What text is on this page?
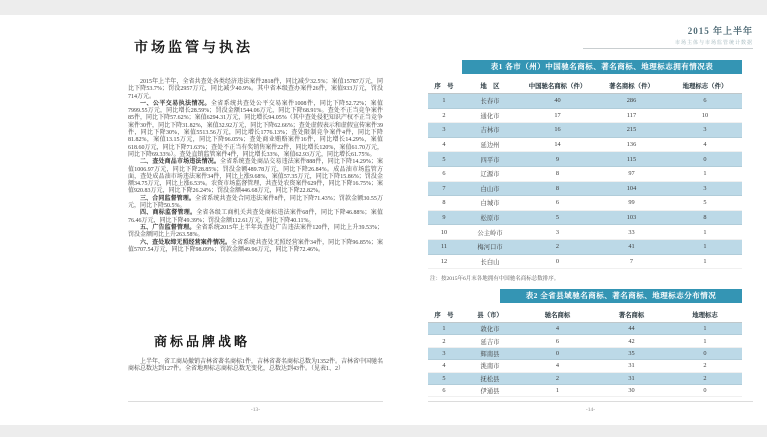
市场监管与执法

2015年上半年，全省共查处各类经济违法案件2818件，同比减少32.5%；案值15787万元，同比下降53.7%；罚没2957万元，同比减少40.9%。其中省本级查办案件26件，案值933万元，罚没714万元。

一、公平交易执法情况。全省系统共查处公平交易案件1008件，同比下降52.72%；案值7999.55万元，同比增长28.59%；罚没金额1544.06万元，同比下降68.91%。查处不正当竞争案件85件，同比下降57.62%；案值6294.31万元，同比增长94.05%（其中查处侵犯知识产权不正当竞争案件30件，同比下降31.82%，案值32.92万元，同比下降62.66%；查处虚假表示和虚假宣传案件39件，同比下降30%，案值5513.56万元，同比增长1776.13%；查处限制竞争案件4件，同比下降81.82%，案值13.15万元，同比下降96.05%；查处商业贿赂案件16件，同比增长14.29%，案值618.60万元，同比下降71.63%；查处不正当有奖销售案件22件，同比增长120%，案值61.70万元，同比下降69.33%）。查处直销监管案件4件，同比增长33%，案值62.93万元，同比增长61.75%。

二、查处商品市场违法情况。全省系统查处商品交易违法案件888件，同比下降14.29%；案值1006.97万元，同比下降28.85%；罚没金额489.78万元，同比下降26.84%。成品油市场监管方面，查处成品油市场违法案件34件，同比上涨9.68%，案值57.35万元，同比下降15.86%；罚没金额34.75万元，同比上涨6.53%。农资市场监督管理，共查处农资案件629件，同比下降16.75%；案值920.83万元，同比下降26.24%；罚没金额446.68万元，同比下降22.82%。

三、合同监督管理。全省系统共查处合同违法案件8件，同比下降71.43%；罚款金额30.55万元，同比下降50.5%。

四、商标监督管理。全省各级工商机关共查处商标违法案件68件，同比下降46.88%；案值76.46万元，同比下降49.39%；罚没金额112.61万元，同比下降40.11%。

五、广告监督管理。全省系统2015年上半年共查处广告违法案件120件，同比上升39.53%；罚没金额同比上升263.58%。

六、查处取缔无照经营案件情况。全省系统共查处无照经营案件34件，同比下降96.85%；案值5707.54万元，同比下降98.09%；罚款金额49.96万元，同比下降72.46%。

商标品牌战略

上半年，省工商局撤销吉林省著名商标1件，吉林省著名商标总数为1352件。吉林省中国驰名商标总数达到127件。全省地理标志商标总数无变化，总数达到43件。（见表1、2）

-13-
2015 年上半年
市场主体与市场监管统计数据
表1 各市（州）中国驰名商标、著名商标、地理标志拥有情况表
序　号	地　区	中国驰名商标（件）	著名商标（件）	地理标志（件）
1	长春市	40	286	6
2	通化市	17	117	10
3	吉林市	16	215	3
4	延边州	14	136	4
5	四平市	9	115	0
6	辽源市	8	97	1
7	白山市	8	104	3
8	白城市	6	99	5
9	松原市	5	103	8
10	公主岭市	3	33	1
11	梅河口市	2	41	1
12	长白山	0	7	1
注：按2015年6月末各地拥有中国驰名商标总数排序。
表2 全省县域驰名商标、著名商标、地理标志分布情况
序　号	县（市）	驰名商标	著名商标	地理标志
1	敦化市	4	44	1
2	延吉市	6	42	1
3	辉南县	0	35	0
4	洮南市	4	31	2
5	抚松县	2	31	2
6	伊通县	1	30	0
-14-
